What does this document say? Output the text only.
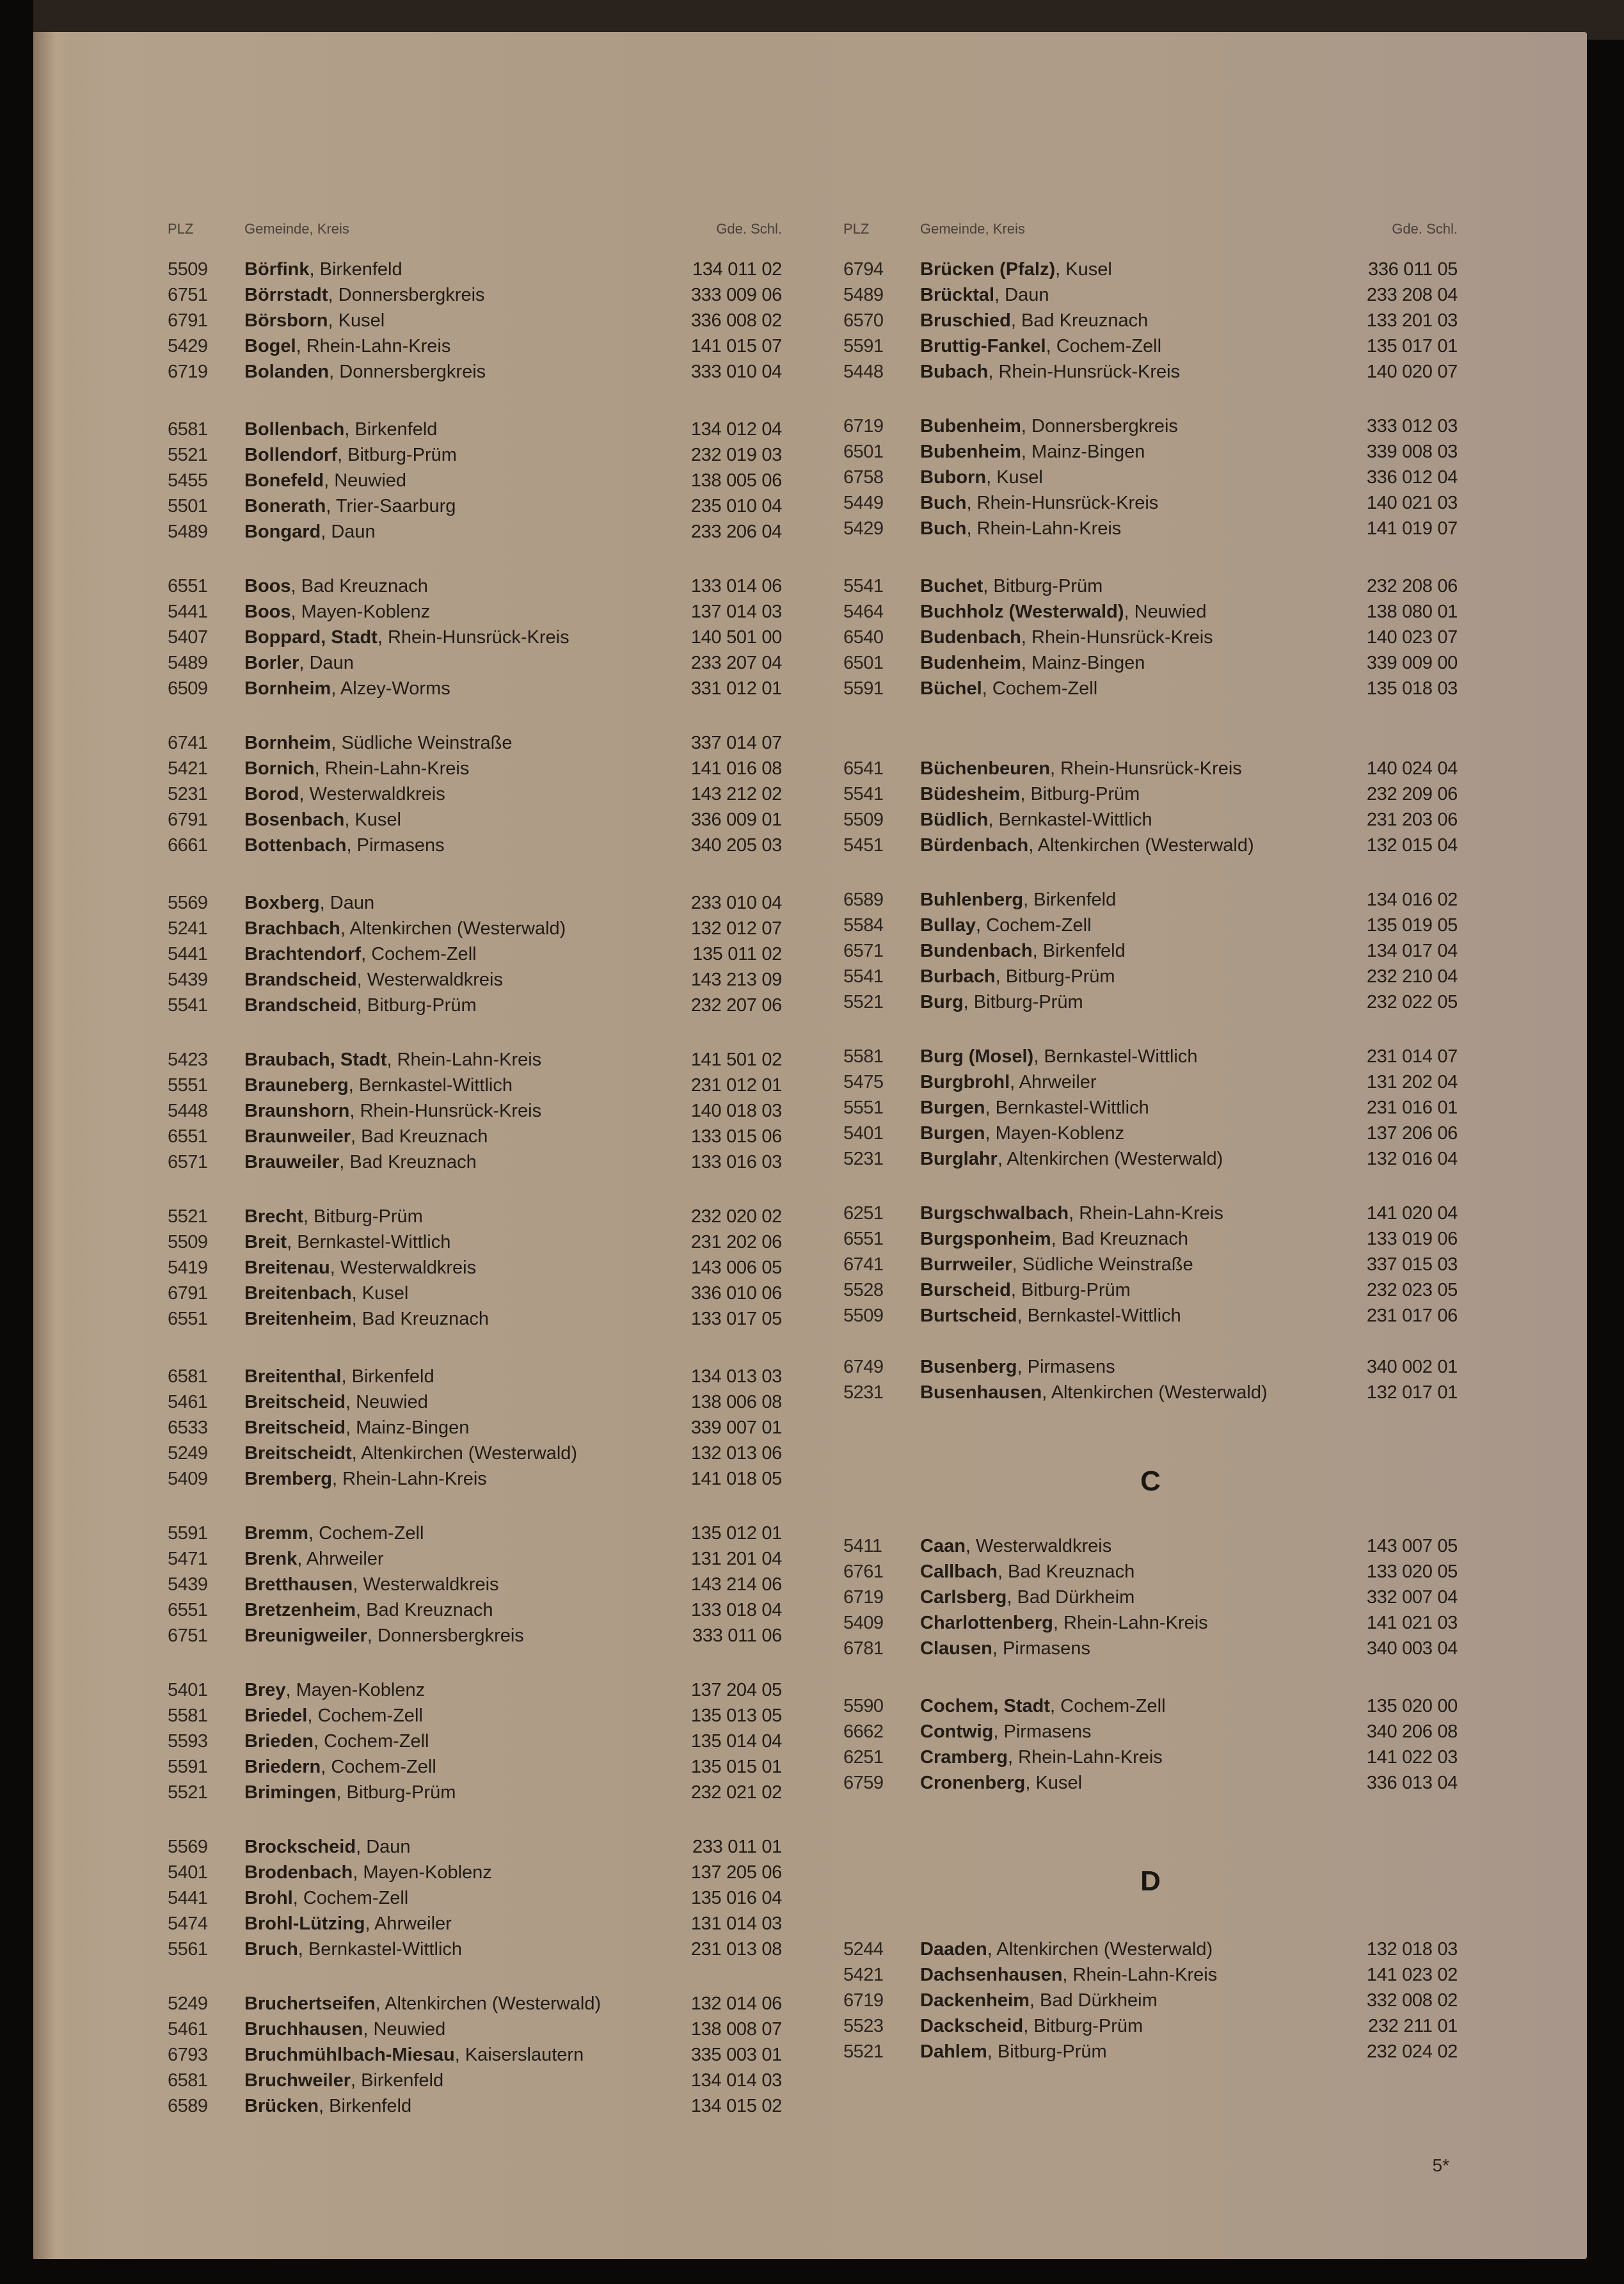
PLZ	Gemeinde, Kreis	Gde. Schl.
5509 Börfink, Birkenfeld	134 011 02
6751 Börrstadt, Donnersbergkreis	333 009 06
6791 Börsborn, Kusel	336 008 02
5429 Bogel, Rhein-Lahn-Kreis	141 015 07
6719 Bolanden, Donnersbergkreis	333 010 04
6581 Bollenbach, Birkenfeld	134 012 04
5521 Bollendorf, Bitburg-Prüm	232 019 03
5455 Bonefeld, Neuwied	138 005 06
5501 Bonerath, Trier-Saarburg	235 010 04
5489 Bongard, Daun	233 206 04
6551 Boos, Bad Kreuznach	133 014 06
5441 Boos, Mayen-Koblenz	137 014 03
5407 Boppard, Stadt, Rhein-Hunsrück-Kreis	140 501 00
5489 Borler, Daun	233 207 04
6509 Bornheim, Alzey-Worms	331 012 01
6741 Bornheim, Südliche Weinstraße	337 014 07
5421 Bornich, Rhein-Lahn-Kreis	141 016 08
5231 Borod, Westerwaldkreis	143 212 02
6791 Bosenbach, Kusel	336 009 01
6661 Bottenbach, Pirmasens	340 205 03
5569 Boxberg, Daun	233 010 04
5241 Brachbach, Altenkirchen (Westerwald)	132 012 07
5441 Brachtendorf, Cochem-Zell	135 011 02
5439 Brandscheid, Westerwaldkreis	143 213 09
5541 Brandscheid, Bitburg-Prüm	232 207 06
5423 Braubach, Stadt, Rhein-Lahn-Kreis	141 501 02
5551 Brauneberg, Bernkastel-Wittlich	231 012 01
5448 Braunshorn, Rhein-Hunsrück-Kreis	140 018 03
6551 Braunweiler, Bad Kreuznach	133 015 06
6571 Brauweiler, Bad Kreuznach	133 016 03
5521 Brecht, Bitburg-Prüm	232 020 02
5509 Breit, Bernkastel-Wittlich	231 202 06
5419 Breitenau, Westerwaldkreis	143 006 05
6791 Breitenbach, Kusel	336 010 06
6551 Breitenheim, Bad Kreuznach	133 017 05
6581 Breitenthal, Birkenfeld	134 013 03
5461 Breitscheid, Neuwied	138 006 08
6533 Breitscheid, Mainz-Bingen	339 007 01
5249 Breitscheidt, Altenkirchen (Westerwald)	132 013 06
5409 Bremberg, Rhein-Lahn-Kreis	141 018 05
5591 Bremm, Cochem-Zell	135 012 01
5471 Brenk, Ahrweiler	131 201 04
5439 Bretthausen, Westerwaldkreis	143 214 06
6551 Bretzenheim, Bad Kreuznach	133 018 04
6751 Breunigweiler, Donnersbergkreis	333 011 06
5401 Brey, Mayen-Koblenz	137 204 05
5581 Briedel, Cochem-Zell	135 013 05
5593 Brieden, Cochem-Zell	135 014 04
5591 Briedern, Cochem-Zell	135 015 01
5521 Brimingen, Bitburg-Prüm	232 021 02
5569 Brockscheid, Daun	233 011 01
5401 Brodenbach, Mayen-Koblenz	137 205 06
5441 Brohl, Cochem-Zell	135 016 04
5474 Brohl-Lützing, Ahrweiler	131 014 03
5561 Bruch, Bernkastel-Wittlich	231 013 08
5249 Bruchertseifen, Altenkirchen (Westerwald)	132 014 06
5461 Bruchhausen, Neuwied	138 008 07
6793 Bruchmühlbach-Miesau, Kaiserslautern	335 003 01
6581 Bruchweiler, Birkenfeld	134 014 03
6589 Brücken, Birkenfeld	134 015 02
PLZ	Gemeinde, Kreis	Gde. Schl.
6794 Brücken (Pfalz), Kusel	336 011 05
5489 Brücktal, Daun	233 208 04
6570 Bruschied, Bad Kreuznach	133 201 03
5591 Bruttig-Fankel, Cochem-Zell	135 017 01
5448 Bubach, Rhein-Hunsrück-Kreis	140 020 07
6719 Bubenheim, Donnersbergkreis	333 012 03
6501 Bubenheim, Mainz-Bingen	339 008 03
6758 Buborn, Kusel	336 012 04
5449 Buch, Rhein-Hunsrück-Kreis	140 021 03
5429 Buch, Rhein-Lahn-Kreis	141 019 07
5541 Buchet, Bitburg-Prüm	232 208 06
5464 Buchholz (Westerwald), Neuwied	138 080 01
6540 Budenbach, Rhein-Hunsrück-Kreis	140 023 07
6501 Budenheim, Mainz-Bingen	339 009 00
5591 Büchel, Cochem-Zell	135 018 03
6541 Büchenbeuren, Rhein-Hunsrück-Kreis	140 024 04
5541 Büdesheim, Bitburg-Prüm	232 209 06
5509 Büdlich, Bernkastel-Wittlich	231 203 06
5451 Bürdenbach, Altenkirchen (Westerwald)	132 015 04
6589 Buhlenberg, Birkenfeld	134 016 02
5584 Bullay, Cochem-Zell	135 019 05
6571 Bundenbach, Birkenfeld	134 017 04
5541 Burbach, Bitburg-Prüm	232 210 04
5521 Burg, Bitburg-Prüm	232 022 05
5581 Burg (Mosel), Bernkastel-Wittlich	231 014 07
5475 Burgbrohl, Ahrweiler	131 202 04
5551 Burgen, Bernkastel-Wittlich	231 016 01
5401 Burgen, Mayen-Koblenz	137 206 06
5231 Burglahr, Altenkirchen (Westerwald)	132 016 04
6251 Burgschwalbach, Rhein-Lahn-Kreis	141 020 04
6551 Burgsponheim, Bad Kreuznach	133 019 06
6741 Burrweiler, Südliche Weinstraße	337 015 03
5528 Burscheid, Bitburg-Prüm	232 023 05
5509 Burtscheid, Bernkastel-Wittlich	231 017 06
6749 Busenberg, Pirmasens	340 002 01
5231 Busenhausen, Altenkirchen (Westerwald)	132 017 01
C
5411 Caan, Westerwaldkreis	143 007 05
6761 Callbach, Bad Kreuznach	133 020 05
6719 Carlsberg, Bad Dürkheim	332 007 04
5409 Charlottenberg, Rhein-Lahn-Kreis	141 021 03
6781 Clausen, Pirmasens	340 003 04
5590 Cochem, Stadt, Cochem-Zell	135 020 00
6662 Contwig, Pirmasens	340 206 08
6251 Cramberg, Rhein-Lahn-Kreis	141 022 03
6759 Cronenberg, Kusel	336 013 04
D
5244 Daaden, Altenkirchen (Westerwald)	132 018 03
5421 Dachsenhausen, Rhein-Lahn-Kreis	141 023 02
6719 Dackenheim, Bad Dürkheim	332 008 02
5523 Dackscheid, Bitburg-Prüm	232 211 01
5521 Dahlem, Bitburg-Prüm	232 024 02
5*
